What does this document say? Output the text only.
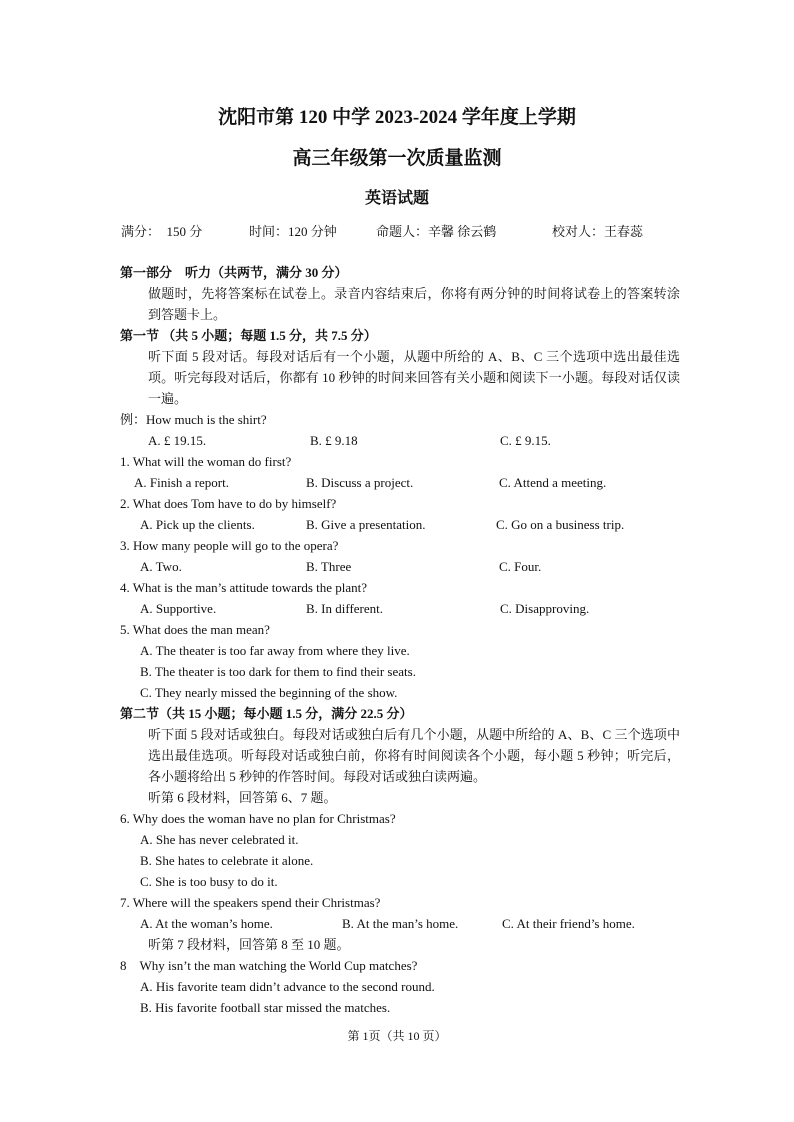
沈阳市第 120 中学 2023-2024 学年度上学期
高三年级第一次质量监测
英语试题
满分：　150 分	时间：120 分钟	命题人：辛馨 徐云鹤	校对人：王春蕊
第一部分　听力（共两节，满分 30 分）
做题时，先将答案标在试卷上。录音内容结束后，你将有两分钟的时间将试卷上的答案转涂到答题卡上。
第一节 （共 5 小题；每题 1.5 分，共 7.5 分）
听下面 5 段对话。每段对话后有一个小题，从题中所给的 A、B、C 三个选项中选出最佳选项。听完每段对话后，你都有 10 秒钟的时间来回答有关小题和阅读下一小题。每段对话仅读一遍。
例：How much is the shirt?
A. £ 19.15.	B. £ 9.18	C. £ 9.15.
1. What will the woman do first?
A. Finish a report.	B. Discuss a project.	C. Attend a meeting.
2. What does Tom have to do by himself?
A. Pick up the clients.	B. Give a presentation.	C. Go on a business trip.
3. How many people will go to the opera?
A. Two.	B. Three	C. Four.
4. What is the man’s attitude towards the plant?
A. Supportive.	B. In different.	C. Disapproving.
5. What does the man mean?
A. The theater is too far away from where they live.
B. The theater is too dark for them to find their seats.
C. They nearly missed the beginning of the show.
第二节（共 15 小题；每小题 1.5 分，满分 22.5 分）
听下面 5 段对话或独白。每段对话或独白后有几个小题，从题中所给的 A、B、C 三个选项中选出最佳选项。听每段对话或独白前，你将有时间阅读各个小题，每小题 5 秒钟；听完后，各小题将给出 5 秒钟的作答时间。每段对话或独白读两遍。
听第 6 段材料，回答第 6、7 题。
6. Why does the woman have no plan for Christmas?
A. She has never celebrated it.
B. She hates to celebrate it alone.
C. She is too busy to do it.
7. Where will the speakers spend their Christmas?
A. At the woman’s home.	B. At the man’s home.	C. At their friend’s home.
听第 7 段材料，回答第 8 至 10 题。
8　Why isn’t the man watching the World Cup matches?
A. His favorite team didn’t advance to the second round.
B. His favorite football star missed the matches.
第 1页（共 10 页）
